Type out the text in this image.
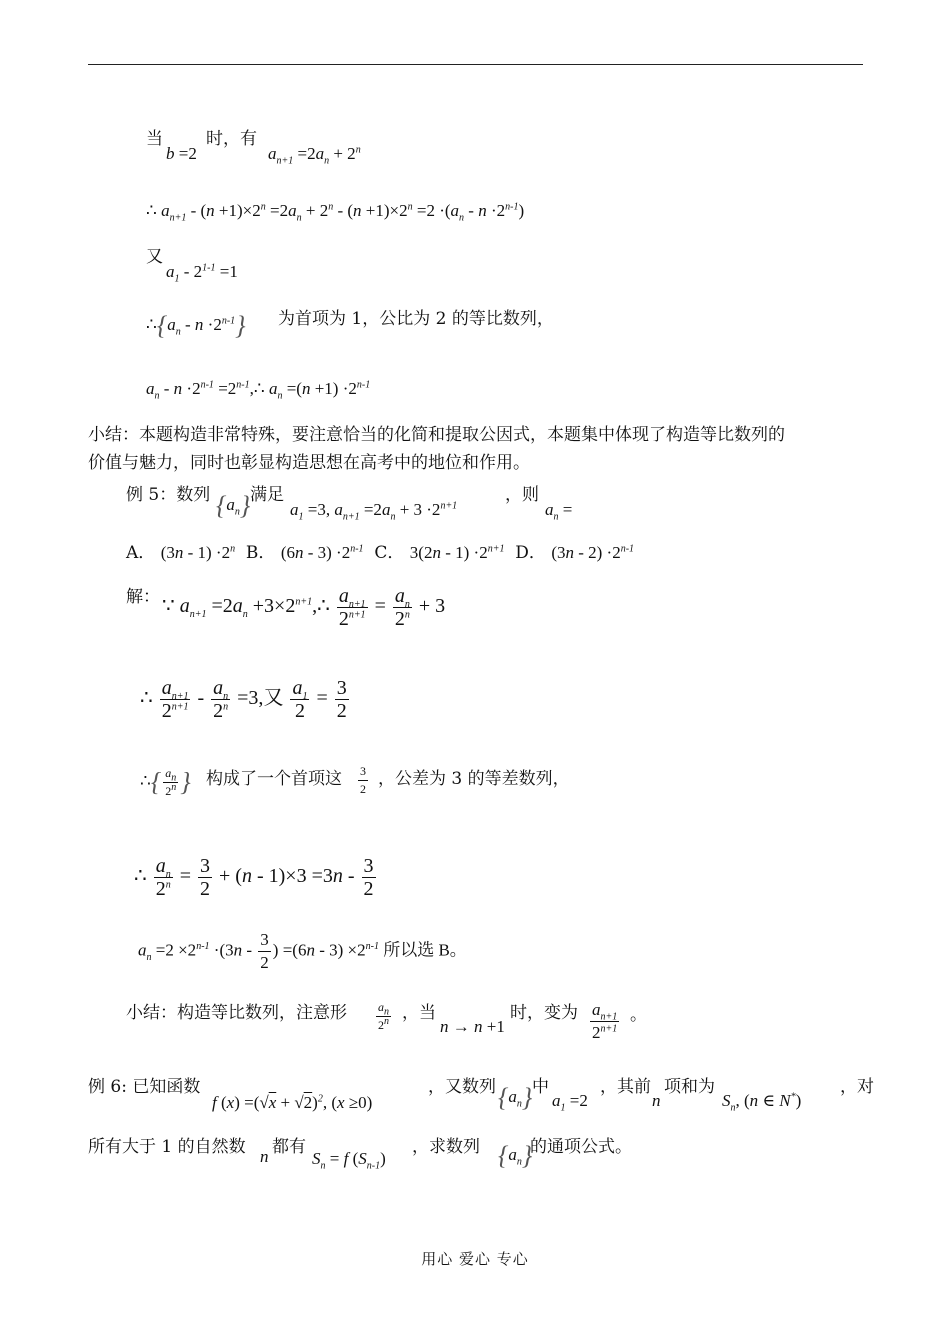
当
b =2
时，有
$a_{n+1} =2a_n + 2^n$
∴ $a_{n+1} - (n +1)\times 2^n =2a_n + 2^n - (n +1)\times 2^n =2 \cdot(a_n - n \cdot 2^{n-1})$
又
$a_1 - 2^{1-1} =1$
$\therefore\{a_n - n \cdot 2^{n-1}\}$ 为首项为 1，公比为 2 的等比数列，
$a_n - n \cdot 2^{n-1}$ $=2^{n-1},\therefore$ $a_n =(n +1) \cdot 2^{n-1}$
小结：本题构造非常特殊，要注意恰当的化简和提取公因式，本题集中体现了构造等比数列的
价值与魅力，同时也彰显构造思想在高考中的地位和作用。
例 5：数列 $\{a_n\}$ 满足
$a_1 =3$, $a_{n+1} =2a_n + 3 \cdot 2^{n+1}$
，则
$a_n$ =
A． $(3n - 1) \cdot 2^n$ B． $(6n - 3) \cdot 2^{n-1}$ C． $3(2n - 1) \cdot 2^{n+1}$ D． $(3n - 2) \cdot 2^{n-1}$
解： ∵ $a_{n+1} =2a_n$ $+3\times 2^{n+1},\therefore \frac{a_{n+1}}{2^{n+1}} = \frac{a_n}{2^n} + 3$
∴ $\frac{a_{n+1}}{2^{n+1}} - \frac{a_n}{2^n} =3$,又 $\frac{a_1}{2} = \frac{3}{2}$
∴{ $\frac{a_n}{2^n}$ } 构成了一个首项这 $\frac{3}{2}$ ，公差为 3 的等差数列，
∴ $\frac{a_n}{2^n} = \frac{3}{2} + (n - 1)\times 3 =3n - \frac{3}{2}$
$a_n =2 \times 2^{n-1} \cdot(3n - \frac{3}{2}$ ) $=(6n - 3) \times 2^{n-1}$ 所以选 B。
小结：构造等比数列，注意形 $\frac{a_n}{2^n}$ ，当
n → n +1
时，变为 $\frac{a_{n+1}}{2^{n+1}}$ 。
例 6: 已知函数
f $(x) =(√x + √2)^2$, (x ≥0)
，又数列 $\{a_n\}$ 中
$a_1 =2$
，其前
n
项和为
$S_n$, (n ∈ N*)
，对
所有大于 1 的自然数 n 都有
$S_n = f$ $(S_{n-1})$
，求数列 $\{a_n\}$
的通项公式。
用心 爱心 专心
